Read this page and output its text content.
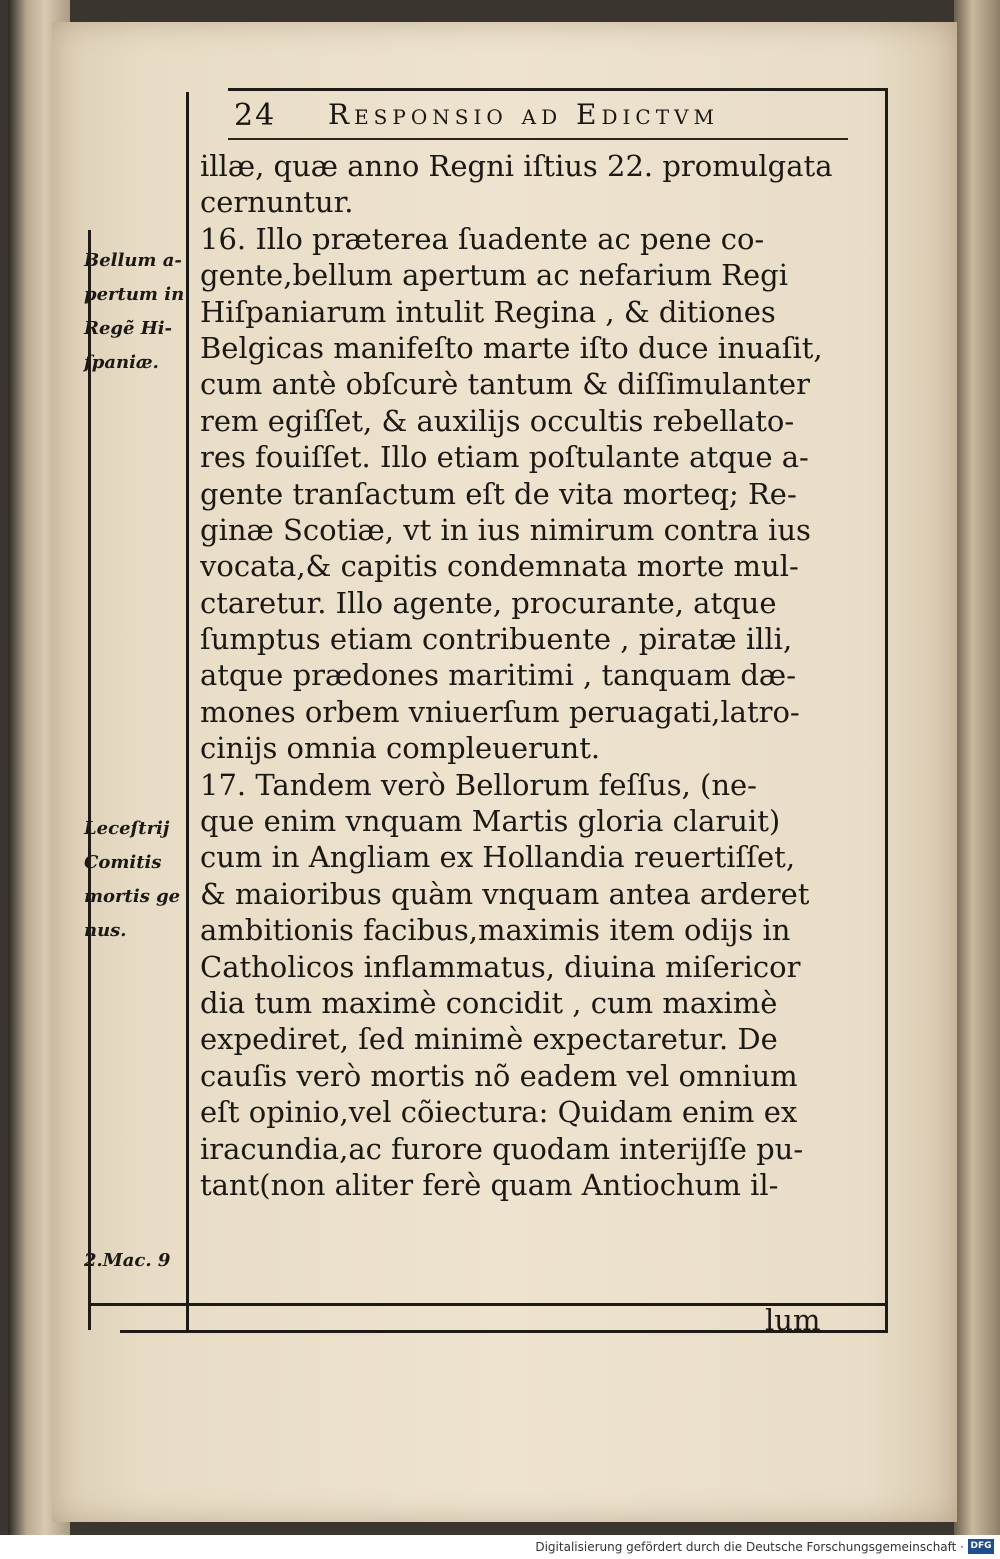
24 Responsio ad Edictvm
Bellum a-
pertum in
Regẽ Hi-
ſpaniæ.
Leceſtrij
Comitis
mortis ge
nus.
2.Mac. 9
illæ, quæ anno Regni iſtius 22. promulgata
cernuntur.
16. Illo præterea ſuadente ac pene co-
gente,bellum apertum ac nefarium Regi
Hiſpaniarum intulit Regina , & ditiones
Belgicas manifeſto marte iſto duce inuaſit,
cum antè obſcurè tantum & diſſimulanter
rem egiſſet, & auxilijs occultis rebellato-
res fouiſſet. Illo etiam poſtulante atque a-
gente tranſactum eſt de vita morteq; Re-
ginæ Scotiæ, vt in ius nimirum contra ius
vocata,& capitis condemnata morte mul-
ctaretur. Illo agente, procurante, atque
ſumptus etiam contribuente , piratæ illi,
atque prædones maritimi , tanquam dæ-
mones orbem vniuerſum peruagati,latro-
cinijs omnia compleuerunt.
17. Tandem verò Bellorum feſſus, (ne-
que enim vnquam Martis gloria claruit)
cum in Angliam ex Hollandia reuertiſſet,
& maioribus quàm vnquam antea arderet
ambitionis facibus,maximis item odijs in
Catholicos inflammatus, diuina miſericor
dia tum maximè concidit , cum maximè
expediret, ſed minimè expectaretur. De
cauſis verò mortis nõ eadem vel omnium
eſt opinio,vel cõiectura: Quidam enim ex
iracundia,ac furore quodam interijſſe pu-
tant(non aliter ferè quam Antiochum il-
lum
Digitalisierung gefördert durch die Deutsche Forschungsgemeinschaft · DFG
